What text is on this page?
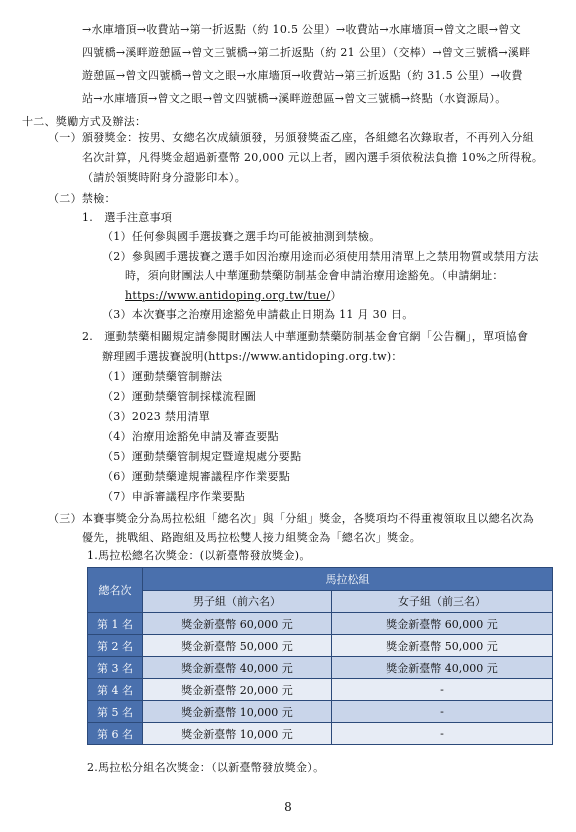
→水庫墻頂→收費站→第一折返點（約 10.5 公里）→收費站→水庫墻頂→曾文之眼→曾文
四號橋→溪畔遊憩區→曾文三號橋→第二折返點（約 21 公里）（交棒）→曾文三號橋→溪畔
遊憩區→曾文四號橋→曾文之眼→水庫墻頂→收費站→第三折返點（約 31.5 公里）→收費
站→水庫墻頂→曾文之眼→曾文四號橋→溪畔遊憩區→曾文三號橋→終點（水資源局）。
十二、獎勵方式及辦法：
（一）頒發獎金：按男、女總名次成績頒發，另頒發獎盃乙座，各組總名次錄取者，不再列入分組
名次計算，凡得獎金超過新臺幣 20,000 元以上者，國內選手須依稅法負擔 10%之所得稅。
（請於領獎時附身分證影印本）。
（二）禁檢：
1.　選手注意事項
（1）任何參與國手選拔賽之選手均可能被抽測到禁檢。
（2）參與國手選拔賽之選手如因治療用途而必須使用禁用清單上之禁用物質或禁用方法
時，須向財團法人中華運動禁藥防制基金會申請治療用途豁免。（申請網址：
https://www.antidoping.org.tw/tue/）
（3）本次賽事之治療用途豁免申請截止日期為 11 月 30 日。
2.　運動禁藥相關規定請參閱財團法人中華運動禁藥防制基金會官網「公告欄」，單項協會
辦理國手選拔賽說明(https://www.antidoping.org.tw)：
（1）運動禁藥管制辦法
（2）運動禁藥管制採樣流程圖
（3）2023 禁用清單
（4）治療用途豁免申請及審查要點
（5）運動禁藥管制規定暨違規處分要點
（6）運動禁藥違規審議程序作業要點
（7）申訴審議程序作業要點
（三）本賽事獎金分為馬拉松組「總名次」與「分組」獎金，各獎項均不得重複領取且以總名次為
優先，挑戰組、路跑組及馬拉松雙人接力組獎金為「總名次」獎金。
1.馬拉松總名次獎金：(以新臺幣發放獎金)。
總名次	馬拉松組	
	男子組（前六名）	女子組（前三名）
第 1 名	獎金新臺幣 60,000 元	獎金新臺幣 60,000 元
第 2 名	獎金新臺幣 50,000 元	獎金新臺幣 50,000 元
第 3 名	獎金新臺幣 40,000 元	獎金新臺幣 40,000 元
第 4 名	獎金新臺幣 20,000 元	-
第 5 名	獎金新臺幣 10,000 元	-
第 6 名	獎金新臺幣 10,000 元	-
2.馬拉松分組名次獎金：（以新臺幣發放獎金）。
8
